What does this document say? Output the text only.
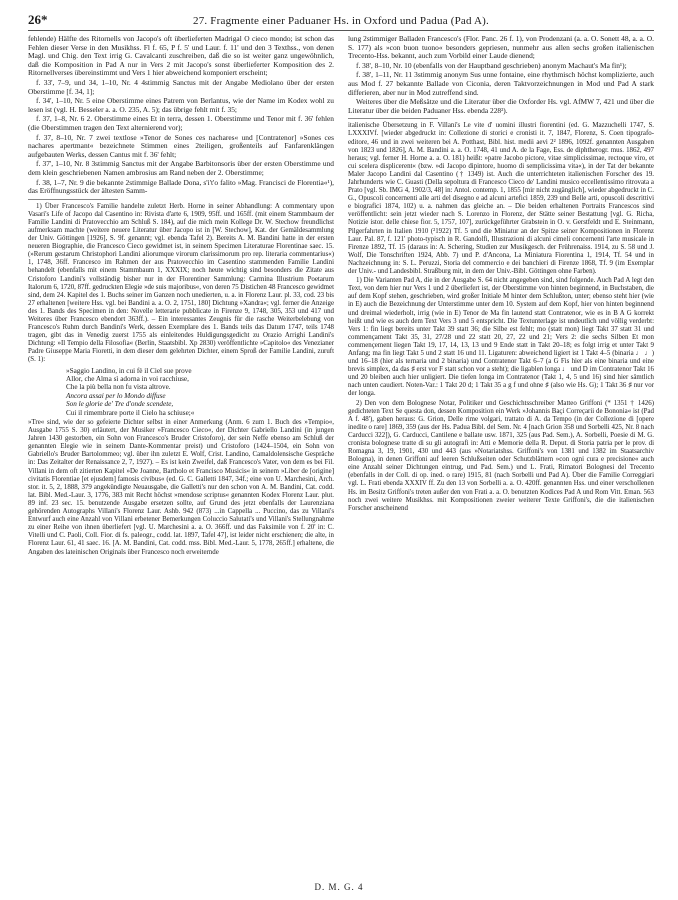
26*	27. Fragmente einer Paduaner Hs. in Oxford und Padua (Pad A).

fehlende) Hälfte des Ritornells von Jacopo's oft überlieferten Madrigal O cieco mondo; ist schon das Fehlen dieser Verse in den Musikhss. Fl f. 65, P f. 5' und Laur. f. 11' und den 3 Texthss., von denen Magl. und Chig. den Text irrig G. Cavalcanti zuschreiben, daß die so ist weiter ganz ungewöhnlich, daß die Komposition in Pad A nur in Vers 2 mit Jacopo's sonst überlieferter Komposition des 2. Ritornellverses übereinstimmt und Vers 1 hier abweichend komponiert erscheint;

f. 33', 7–9, und 34, 1–10, Nr. 4 4stimmig Sanctus mit der Angabe Mediolano über der ersten Oberstimme [f. 34, 1];

f. 34', 1–10, Nr. 5 eine Oberstimme eines Patrem von Berlantus, wie der Name im Kodex wohl zu lesen ist (vgl. H. Besseler a. a. O. 235, A. 5); das übrige fehlt mit f. 35;

f. 37, 1–8, Nr. 6 2. Oberstimme eines Et in terra, dessen 1. Oberstimme und Tenor mit f. 36' fehlen (die Oberstimmen tragen den Text alternierend vor);

f. 37, 8–10, Nr. 7 zwei textlose »Tenor de Sones ces nachares« und [Contratenor] »Sones ces nachares apertmant« bezeichnete Stimmen eines 2teiligen, großenteils auf Fanfarenklängen aufgebauten Werks, dessen Cantus mit f. 36' fehlt;

f. 37', 1–10, Nr. 8 3stimmig Sanctus mit der Angabe Barbitonsoris über der ersten Oberstimme und dem klein geschriebenen Namen ambrosius am Rand neben der 2. Oberstimme;

f. 38, 1–7, Nr. 9 die bekannte 2stimmige Ballade Dona, s'i't'o falito »Mag. Francisci de Florentia«¹), das Eröffnungsstück der ältesten Samm-

1) Über Francesco's Familie handelte zuletzt Herb. Horne in seiner Abhandlung: A commentary upon Vasari's Life of Jacopo dal Casentino in: Rivista d'arte 6, 1909, 95ff. und 165ff. (mit einem Stammbaum der Familie Landini di Pratovecchio am Schluß S. 184), auf die mich mein Kollege Dr. W. Stechow freundlichst aufmerksam machte (weitere neuere Literatur über Jacopo ist in [W. Stechow], Kat. der Gemäldesammlung der Univ. Göttingen [1926], S. 9f. genannt; vgl. ebenda Tafel 2). Bereits A. M. Bandini hatte in der ersten neueren Biographie, die Francesco Cieco gewidmet ist, in seinem Specimen Literaturae Florentinae saec. 15. (»Rerum gestarum Christophori Landini aliorumque virorum clarissimorum pro rep. literaria commentarius«) 1, 1748, 36ff. Francesco im Rahmen der aus Pratovecchio im Casentino stammenden Familie Landini behandelt (ebenfalls mit einem Stammbaum 1, XXXIX; noch heute wichtig sind besonders die Zitate aus Cristoforo Landini's vollständig bisher nur in der Florentiner Sammlung: Carmina Illustrium Poetarum Italorum 6, 1720, 87ff. gedruckten Elegie »de suis majoribus«, von deren 75 Distichen 48 Francesco gewidmet sind, dem 24. Kapitel des 1. Buchs seiner im Ganzen noch unedierten, u. a. in Florenz Laur. pl. 33, cod. 23 bis 27 erhaltenen [weitere Hss. vgl. bei Bandini a. a. O. 2, 1751, 180] Dichtung »Xandra«; vgl. ferner die Anzeige des 1. Bands des Specimen in den: Novelle letterarie pubblicate in Firenze 9, 1748, 305, 353 und 417 und Weiteres über Francesco ebendort 363ff.). – Ein interessantes Zeugnis für die rasche Weiterbelebung von Francesco's Ruhm durch Bandini's Werk, dessen Exemplare des 1. Bands teils das Datum 1747, teils 1748 tragen, gibt das in Venedig zuerst 1755 als einleitendes Huldigungsgedicht zu Orazio Arrighi Landini's Dichtung: »Il Tempio della Filosofia« (Berlin, Staatsbibl. Xp 2830) veröffentlichte »Capitolo« des Venezianer Padre Giuseppe Maria Fioretti, in dem dieser dem gelehrten Dichter, einem Sproß der Familie Landini, zuruft (S. 1):

»Saggio Landino, in cui fè il Ciel sue prove
Allor, che Alma sì adorna in voi racchiuse,
Che la più bella non fu vista altrove.
Ancora assai per lo Mondo diffuse
Son le glorie de' Tre d'onde scendete,
Cui il rimembrare porte il Cielo ha schiuse;«

»Tre« sind, wie der so gefeierte Dichter selbst in einer Anmerkung (Anm. 6 zum 1. Buch des »Tempio«, Ausgabe 1755 S. 30) erläutert, der Musiker »Francesco Cieco«, der Dichter Gabriello Landini (in jungen Jahren 1430 gestorben, ein Sohn von Francesco's Bruder Cristoforo), der sein Neffe ebenso am Schluß der genannten Elegie wie in seinem Dante-Kommentar preist) und Cristoforo (1424–1504, ein Sohn von Gabriello's Bruder Bartolommeo; vgl. über ihn zuletzt E. Wolf, Crist. Landino, Camaldolensische Gespräche in: Das Zeitalter der Renaissance 2, 7, 1927). – Es ist kein Zweifel, daß Francesco's Vater, von dem es bei Fil. Villani in dem oft zitierten Kapitel »De Joanne, Bartholo et Francisco Musicis« in seinem »Liber de [origine] civitatis Florentiae [et ejusdem] famosis civibus« (ed. G. C. Galletti 1847, 34f.; eine von U. Marchesini, Arch. stor. it. 5, 2, 1888, 379 angekündigte Neuausgabe, die Galletti's nur den schon von A. M. Bandini, Cat. codd. lat. Bibl. Med.-Laur. 3, 1776, 383 mit Recht höchst »mendose scriptus« genannten Kodex Florenz Laur. plut. 89 inf. 23 sec. 15. benutzende Ausgabe ersetzen sollte, auf Grund des jetzt ebenfalls der Laurenziana gehörenden Autographs Villani's Florenz Laur. Ashb. 942 (873) ...in Cappella ... Puccino, das zu Villani's Entwurf auch eine Anzahl von Villani erbetener Bemerkungen Coluccio Salutati's und Villani's Stellungnahme zu einer Reihe von ihnen überliefert [vgl. U. Marchesini a. a. O. 366ff. und das Faksimile von f. 20' in: C. Vitelli und C. Paoli, Coll. Fior. di fs. paleogr., codd. lat. 1897, Tafel 47], ist leider nicht erschienen; die alte, in Florenz Laur. 61, 41 saec. 16. [A. M. Bandini, Cat. codd. mss. Bibl. Med.-Laur. 5, 1778, 265ff.] erhaltene, die Angaben des lateinischen Originals über Francesco noch erweiternde

lung 2stimmiger Balladen Francesco's (Flor. Panc. 26 f. 1), von Prodenzani (a. a. O. Sonett 48, a. a. O. S. 177) als »con buon tuono« besonders gepriesen, nunmehr aus allen sechs großen italienischen Trecento-Hss. bekannt, auch zum Vorbild einer Laude dienend;

f. 38', 8–10, Nr. 10 (ebenfalls von der Hauptband geschrieben) anonym Machaut's Ma fin¹);

f. 38', 1–11, Nr. 11 3stimmig anonym Sus unne fontaine, eine rhythmisch höchst komplizierte, auch aus Mod f. 27 bekannte Ballade von Ciconia, deren Taktvorzeichnungen in Mod und Pad A stark differieren, aber nur in Mod zutreffend sind.

Weiteres über die Meßsätze und die Literatur über die Oxforder Hs. vgl. AfMW 7, 421 und über die Literatur über die beiden Paduaner Hss. ebenda 228²).

italienische Übersetzung in F. Villani's Le vite d' uomini illustri fiorentini (ed. G. Mazzuchelli 1747, S. LXXXIVf. [wieder abgedruckt in: Collezione di storici e cronisti it. 7, 1847, Florenz, S. Coen tipografo-editore, 46 und in zwei weiteren bei A. Potthast, Bibl. hist. medii aevi 2² 1896, 1092f. genannten Ausgaben von 1823 und 1826], A. M. Bandini a. a. O. 1748, 41 und A. de la Fage, Ess. de diphtherogr. mus. 1862, 497 heraus; vgl. ferner H. Horne a. a. O. 181) heißt: »patre Jacobo pictore, vitae simplicissimae, rectoque viro, et cui scelera displicerent« (bzw. »di Jacopo dipintore, huomo di semplicissima vita«), in der Tat der bekannte Maler Jacopo Landini dal Casentino († 1349) ist. Auch die unterrichteten italienischen Forscher des 19. Jahrhunderts wie C. Guasti (Della sepoltura di Francesco Cieco de' Landini musico eccellentissimo ritrovata a Prato [vgl. Sb. IMG 4, 1902/3, 48] in: Antol. contemp. 1, 1855 [mir nicht zugänglich], wieder abgedruckt in C. G., Opuscoli concernenti alle arti del disegno e ad alcuni artefici 1859, 239 und Belle arti, opuscoli descrittivi e biografici 1874, 102) u. a. nahmen das gleiche an. – Die beiden erhaltenen Portraits Francescos sind veröffentlicht: sein jetzt wieder nach S. Lorenzo in Florenz, der Stätte seiner Bestattung [vgl. G. Richa, Notizie istor. delle chiese fior. 5, 1757, 107], zurückgeführter Grabstein in O. v. Gerstfeldt und E. Steinmann, Pilgerfahrten in Italien 1910 (²1922) Tf. 5 und die Miniatur an der Spitze seiner Kompositionen in Florenz Laur. Pal. 87, f. 121' photo-typisch in R. Gandolfi, Illustrazioni di alcuni cimeli concernenti l'arte musicale in Firenze 1892, Tf. 15 (daraus in: A. Schering, Studien zur Musikgesch. der Frührenaiss. 1914, zu S. 58 und J. Wolf, Die Tonschriften 1924, Abb. 7) und P. d'Ancona, La Miniatura Fiorentina 1, 1914, Tf. 54 und in Nachzeichnung in: S. L. Peruzzi, Storia del commercio e dei banchieri di Firenze 1868, Tf. 9 (im Exemplar der Univ.- und Landesbibl. Straßburg mit, in dem der Univ.-Bibl. Göttingen ohne Farben).

1) Die Varianten Pad A, die in der Ausgabe S. 64 nicht angegeben sind, sind folgende. Auch Pad A legt den Text, von dem hier nur Vers 1 und 2 überliefert ist, der Oberstimme von hinten beginnend, in Buchstaben, die auf dem Kopf stehen, geschrieben, wird großer Initiale M hinter dem Schlußton, unter; ebenso steht hier (wie in E) auch die Bezeichnung der Unterstimme unter dem 10. System auf dem Kopf, hier von hinten beginnend und dreimal wiederholt, irrig (wie in E) Tenor de Ma fin lautend statt Contratenor, wie es in B A G korrekt heißt und wie es auch dem Text Vers 3 und 5 entspricht. Die Textunterlage ist undeutlich und völlig verderbt: Vers 1: fin liegt bereits unter Takt 39 statt 36; die Silbe est fehlt; mo (statt mon) liegt Takt 37 statt 31 und commençament Takt 35, 31, 27/28 und 22 statt 20, 27, 22 und 21; Vers 2: die sechs Silben Et mon commençement liegen Takt 19, 17, 14, 13, 13 und 9 Ende statt in Takt 20–18; es folgt irrig et unter Takt 9 Anfang; ma fin liegt Takt 5 und 2 statt 16 und 11. Ligaturen: abweichend ligiert ist 1 Takt 4–5 (binaria ♩ ♩) und 16–18 (hier als ternaria und 2 binaria) und Contratenor Takt 6–7 (a G Fis hier als eine binaria und eine brevis simplex, da das ♯ erst vor F statt schon vor a steht); die ligablen longa ♩ und D im Contratenor Takt 16 und 20 bleiben auch hier unligiert. Die tiefen longa im Contratenor (Takt 1, 4, 5 und 16) sind hier sämtlich nach unten caudiert. Noten-Var.: 1 Takt 20 d; 1 Takt 35 a g f und ohne ♯ (also wie Hs. G); 1 Takt 36 ♯ nur vor der longa.

2) Den von dem Bolognese Notar, Politiker und Geschichtsschreiber Matteo Griffoni (* 1351 † 1426) gedichteten Text Se questa don, dessen Komposition ein Werk »Johannis Baçi Correçarii de Bononia« ist (Pad A f. 48'), gaben heraus: G. Grion, Delle rime volgari, trattato di A. da Tempo (in der Collezione di [opere inedite o rare] 1869, 359 (aus der Hs. Padua Bibl. del Sem. Nr. 4 [nach Grion 358 und Sorbelli 425, Nr. 8 nach Carducci 322]), G. Carducci, Cantilene e ballate usw. 1871, 325 (aus Pad. Sem.), A. Sorbelli, Poesie di M. G. cronista bolognese tratte di su gli autografi in: Atti e Memorie della R. Deput. di Storia patria per le prov. di Romagna 3, 19, 1901, 430 und 443 (aus »Notariatshss. Griffoni's von 1381 und 1382 im Staatsarchiv Bologna), in denen Griffoni auf leeren Schlußseiten oder Schutzblättern »con ogni cura e precisione« auch eine Anzahl seiner Dichtungen eintrug, und Pad. Sem.) und L. Frati, Rimatori Bolognesi del Trecento (ebenfalls in der Coll. di op. ined. o rare) 1915, 81 (nach Sorbelli und Pad A). Über die Familie Correggiari vgl. L. Frati ebenda XXXIV ff. Zu den 13 von Sorbelli a. a. O. 420ff. genannten Hss. und einer verschollenen Hs. im Besitz Griffoni's treten außer den von Frati a. a. O. benutzten Kodices Pad A und Rom Vitt. Eman. 563 noch zwei weitere Musikhss. mit Kompositionen zweier weiterer Texte Griffoni's, die die italienischen Forscher anscheinend

D. M. G. 4
